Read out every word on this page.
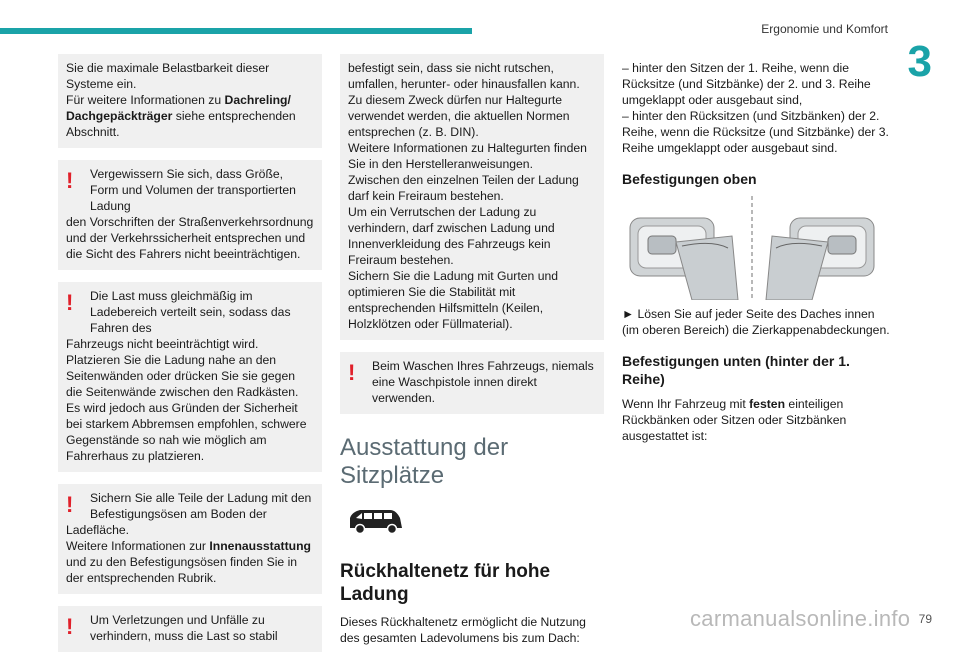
Ergonomie und Komfort
3

Sie die maximale Belastbarkeit dieser Systeme ein.

Für weitere Informationen zu Dachreling/ Dachgepäckträger siehe entsprechenden Abschnitt.

!	Vergewissern Sie sich, dass Größe, Form und Volumen der transportierten Ladung

den Vorschriften der Straßenverkehrsordnung und der Verkehrssicherheit entsprechen und die Sicht des Fahrers nicht beeinträchtigen.

!	Die Last muss gleichmäßig im Ladebereich verteilt sein, sodass das Fahren des

Fahrzeugs nicht beeinträchtigt wird.

Platzieren Sie die Ladung nahe an den Seitenwänden oder drücken Sie sie gegen die Seitenwände zwischen den Radkästen.

Es wird jedoch aus Gründen der Sicherheit bei starkem Abbremsen empfohlen, schwere Gegenstände so nah wie möglich am Fahrerhaus zu platzieren.

!	Sichern Sie alle Teile der Ladung mit den Befestigungsösen am Boden der

Ladefläche.

Weitere Informationen zur Innenausstattung und zu den Befestigungsösen finden Sie in der entsprechenden Rubrik.

!	Um Verletzungen und Unfälle zu verhindern, muss die Last so stabil

befestigt sein, dass sie nicht rutschen, umfallen, herunter- oder hinausfallen kann. Zu diesem Zweck dürfen nur Haltegurte verwendet werden, die aktuellen Normen entsprechen (z. B. DIN).

Weitere Informationen zu Haltegurten finden Sie in den Herstelleranweisungen.

Zwischen den einzelnen Teilen der Ladung darf kein Freiraum bestehen.

Um ein Verrutschen der Ladung zu verhindern, darf zwischen Ladung und Innenverkleidung des Fahrzeugs kein Freiraum bestehen.

Sichern Sie die Ladung mit Gurten und optimieren Sie die Stabilität mit entsprechenden Hilfsmitteln (Keilen, Holzklötzen oder Füllmaterial).

!	Beim Waschen Ihres Fahrzeugs, niemals eine Waschpistole innen direkt verwenden.
Ausstattung der Sitzplätze
Rückhaltenetz für hohe Ladung

Dieses Rückhaltenetz ermöglicht die Nutzung des gesamten Ladevolumens bis zum Dach:

– hinter den Sitzen der 1. Reihe, wenn die Rücksitze (und Sitzbänke) der 2. und 3. Reihe umgeklappt oder ausgebaut sind,

– hinter den Rücksitzen (und Sitzbänken) der 2. Reihe, wenn die Rücksitze (und Sitzbänke) der 3. Reihe umgeklappt oder ausgebaut sind.

Befestigungen oben

► Lösen Sie auf jeder Seite des Daches innen (im oberen Bereich) die Zierkappenabdeckungen.

Befestigungen unten (hinter der 1. Reihe)

Wenn Ihr Fahrzeug mit festen einteiligen Rückbänken oder Sitzen oder Sitzbänken ausgestattet ist:

carmanualsonline.info 79
